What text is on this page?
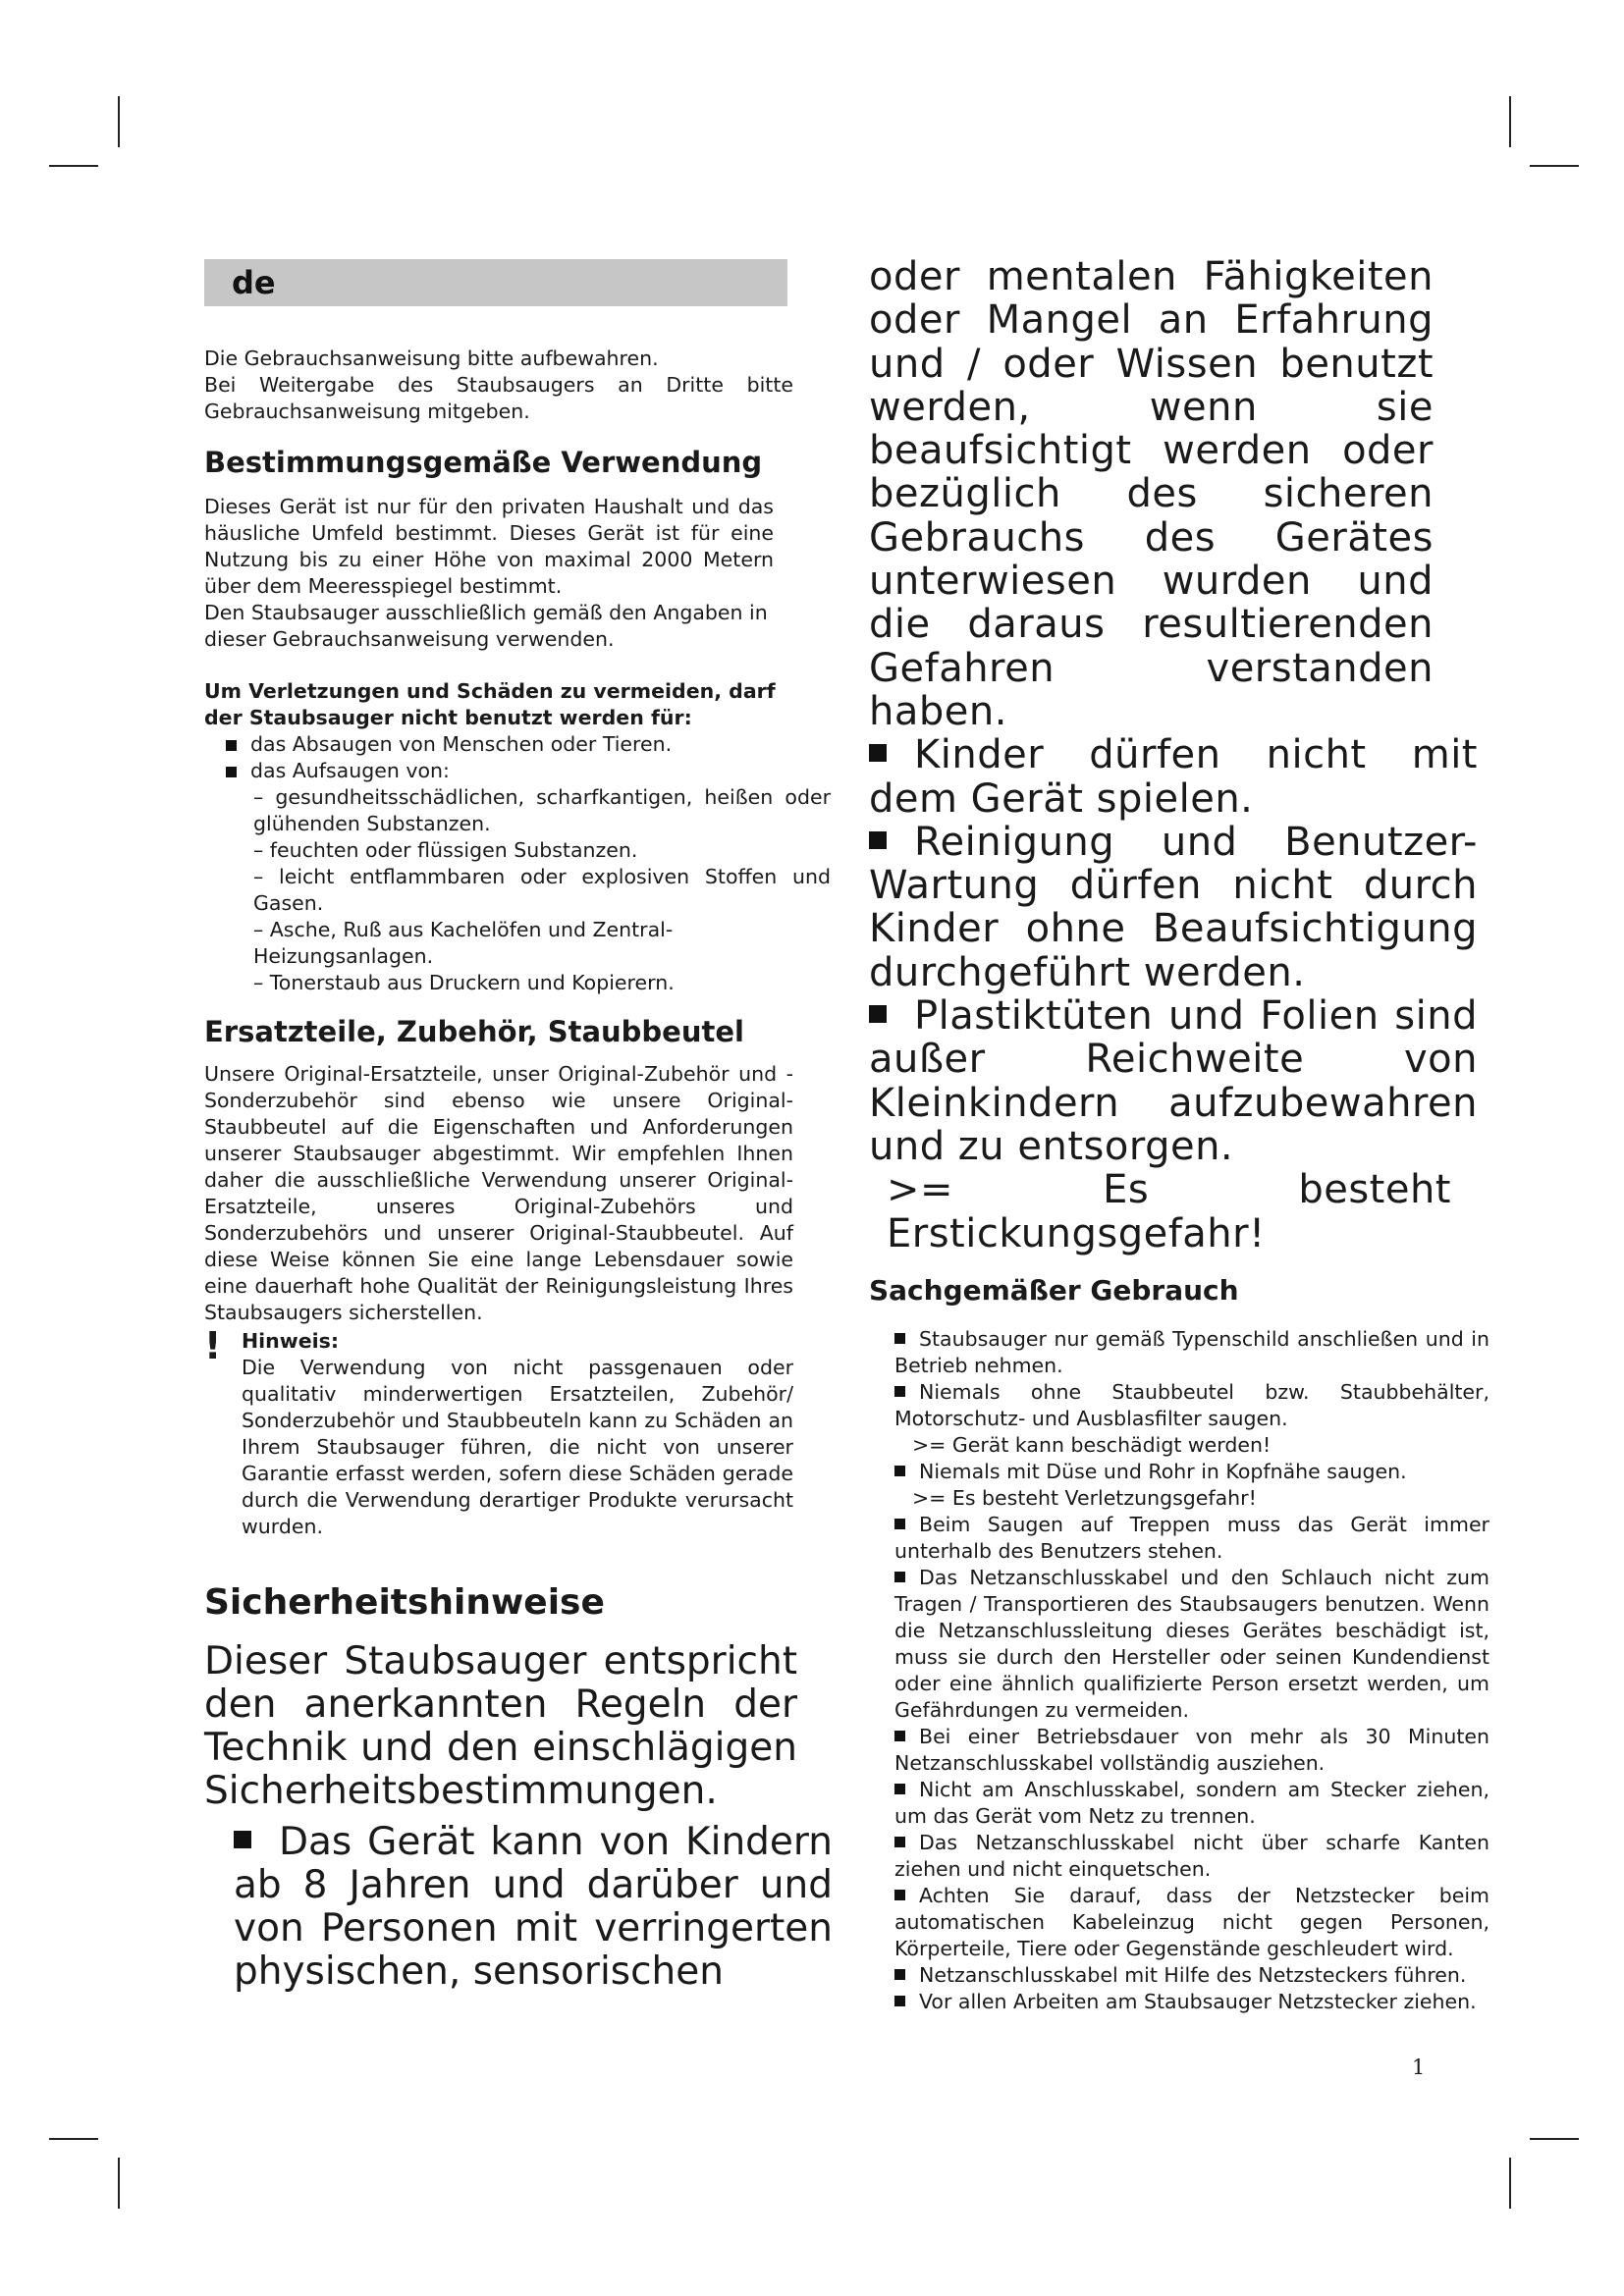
de

Die Gebrauchsanweisung bitte aufbewahren.

Bei Weitergabe des Staubsaugers an Dritte bitte Gebrauchsanweisung mitgeben.

Bestimmungsgemäße Verwendung

Dieses Gerät ist nur für den privaten Haushalt und das häusliche Umfeld bestimmt. Dieses Gerät ist für eine Nutzung bis zu einer Höhe von maximal 2000 Metern über dem Meeresspiegel bestimmt.

Den Staubsauger ausschließlich gemäß den Angaben in dieser Gebrauchsanweisung verwenden.

Um Verletzungen und Schäden zu vermeiden, darf der Staubsauger nicht benutzt werden für:

das Absaugen von Menschen oder Tieren.
das Aufsaugen von:

– gesundheitsschädlichen, scharfkantigen, heißen oder glühenden Substanzen.

– feuchten oder flüssigen Substanzen.

– leicht entflammbaren oder explosiven Stoffen und Gasen.

– Asche, Ruß aus Kachelöfen und Zentral-Heizungsanlagen.

– Tonerstaub aus Druckern und Kopierern.

Ersatzteile, Zubehör, Staubbeutel

Unsere Original-Ersatzteile, unser Original-Zubehör und -Sonderzubehör sind ebenso wie unsere Original-Staubbeutel auf die Eigenschaften und Anforderungen unserer Staubsauger abgestimmt. Wir empfehlen Ihnen daher die ausschließliche Verwendung unserer Original-Ersatzteile, unseres Original-Zubehörs und Sonderzubehörs und unserer Original-Staubbeutel. Auf diese Weise können Sie eine lange Lebensdauer sowie eine dauerhaft hohe Qualität der Reinigungsleistung Ihres Staubsaugers sicherstellen.

! Hinweis:

Die Verwendung von nicht passgenauen oder qualitativ minderwertigen Ersatzteilen, Zubehör/ Sonderzubehör und Staubbeuteln kann zu Schäden an Ihrem Staubsauger führen, die nicht von unserer Garantie erfasst werden, sofern diese Schäden gerade durch die Verwendung derartiger Produkte verursacht wurden.

Sicherheitshinweise

Dieser Staubsauger entspricht den anerkannten Regeln der Technik und den einschlägigen Sicherheitsbestimmungen.

Das Gerät kann von Kindern ab 8 Jahren und darüber und von Personen mit verringerten physischen, sensorischen

oder mentalen Fähigkeiten oder Mangel an Erfahrung und / oder Wissen benutzt werden, wenn sie beaufsichtigt werden oder bezüglich des sicheren Gebrauchs des Gerätes unterwiesen wurden und die daraus resultierenden Gefahren verstanden haben.

Kinder dürfen nicht mit dem Gerät spielen.

Reinigung und Benutzer-Wartung dürfen nicht durch Kinder ohne Beaufsichtigung durchgeführt werden.

Plastiktüten und Folien sind außer Reichweite von Kleinkindern aufzubewahren und zu entsorgen.

>= Es besteht Erstickungsgefahr!

Sachgemäßer Gebrauch

Staubsauger nur gemäß Typenschild anschließen und in Betrieb nehmen.

Niemals ohne Staubbeutel bzw. Staubbehälter, Motorschutz- und Ausblasfilter saugen.

>= Gerät kann beschädigt werden!

Niemals mit Düse und Rohr in Kopfnähe saugen.

>= Es besteht Verletzungsgefahr!

Beim Saugen auf Treppen muss das Gerät immer unterhalb des Benutzers stehen.

Das Netzanschlusskabel und den Schlauch nicht zum Tragen / Transportieren des Staubsaugers benutzen. Wenn die Netzanschlussleitung dieses Gerätes beschädigt ist, muss sie durch den Hersteller oder seinen Kundendienst oder eine ähnlich qualifizierte Person ersetzt werden, um Gefährdungen zu vermeiden.

Bei einer Betriebsdauer von mehr als 30 Minuten Netzanschlusskabel vollständig ausziehen.

Nicht am Anschlusskabel, sondern am Stecker ziehen, um das Gerät vom Netz zu trennen.

Das Netzanschlusskabel nicht über scharfe Kanten ziehen und nicht einquetschen.

Achten Sie darauf, dass der Netzstecker beim automatischen Kabeleinzug nicht gegen Personen, Körperteile, Tiere oder Gegenstände geschleudert wird.

Netzanschlusskabel mit Hilfe des Netzsteckers führen.

Vor allen Arbeiten am Staubsauger Netzstecker ziehen.

1
